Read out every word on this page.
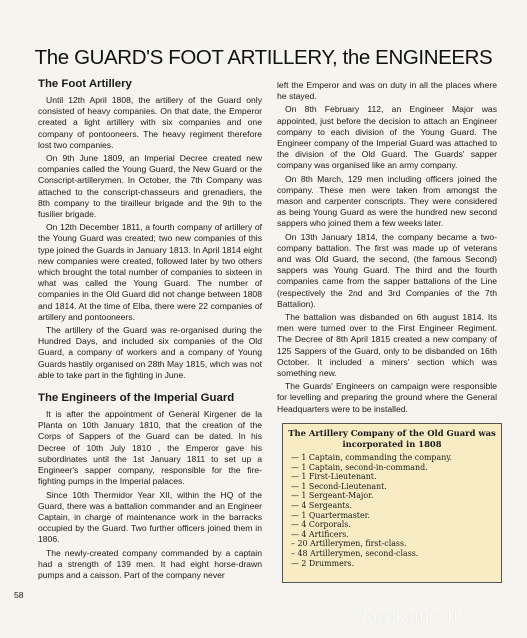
The GUARD'S FOOT ARTILLERY, the ENGINEERS
The Foot Artillery

Until 12th April 1808, the artillery of the Guard only consisted of heavy companies. On that date, the Emperor created a light artillery with six companies and one company of pontooneers. The heavy regiment therefore lost two companies.

On 9th June 1809, an Imperial Decree created new companies called the Young Guard, the New Guard or the Conscript-artillerymen. In October, the 7th Company was attached to the conscript-chasseurs and grenadiers, the 8th company to the tirailleur brigade and the 9th to the fusilier brigade.

On 12th December 1811, a fourth company of artillery of the Young Guard was created; two new companies of this type joined the Guards in January 1813. In April 1814 eight new companies were created, followed later by two others which brought the total number of companies to sixteen in what was called the Young Guard. The number of companies in the Old Guard did not change between 1808 and 1814. At the time of Elba, there were 22 companies of artillery and pontooneers.

The artillery of the Guard was re-organised during the Hundred Days, and included six companies of the Old Guard, a company of workers and a company of Young Guards hastily organised on 28th May 1815, whch was not able to take part in the fighting in June.

The Engineers of the Imperial Guard

It is after the appointment of General Kirgener de la Planta on 10th January 1810, that the creation of the Corps of Sappers of the Guard can be dated. In his Decree of 10th July 1810 , the Emperor gave his subordinates until the 1st January 1811 to set up a Engineer's sapper company, responsible for the fire-fighting pumps in the Imperial palaces.

Since 10th Thermidor Year XII, within the HQ of the Guard, there was a battalion commander and an Engineer Captain, in charge of maintenance work in the barracks occupied by the Guard. Two further officers joined them in 1806.

The newly-created company commanded by a captain had a strength of 139 men. It had eight horse-drawn pumps and a caisson. Part of the company never

left the Emperor and was on duty in all the places where he stayed.

On 8th February 112, an Engineer Major was appointed, just before the decision to attach an Engineer company to each division of the Young Guard. The Engineer company of the Imperial Guard was attached to the division of the Old Guard. The Guards' sapper company was organised like an army company.

On 8th March, 129 men including officers joined the company. These men were taken from amongst the mason and carpenter conscripts. They were considered as being Young Guard as were the hundred new second sappers who joined them a few weeks later.

On 13th January 1814, the company became a two-company battalion. The first was made up of veterans and was Old Guard, the second, (the famous Second) sappers was Young Guard. The third and the fourth companies came from the sapper battalions of the Line (respectively the 2nd and 3rd Companies of the 7th Battalion).

The battalion was disbanded on 6th august 1814. Its men were turned over to the First Engineer Regiment. The Decree of 8th April 1815 created a new company of 125 Sappers of the Guard, only to be disbanded on 16th October. It included a miners' section which was something new.

The Guards' Engineers on campaign were responsible for levelling and preparing the ground where the General Headquarters were to be installed.

The Artillery Company of the Old Guard was
incorporated in 1808
— 1 Captain, commanding the company.
— 1 Captain, second-in-command.
— 1 First-Lieutenant.
— 1 Second-Lieutenant.
— 1 Sergeant-Major.
— 4 Sergeants.
— 1 Quartermaster.
— 4 Corporals.
— 4 Artificers.
– 20 Artillerymen, first-class.
– 48 Artillerymen, second-class.
— 2 Drummers.
58
Nacekomie.ru
